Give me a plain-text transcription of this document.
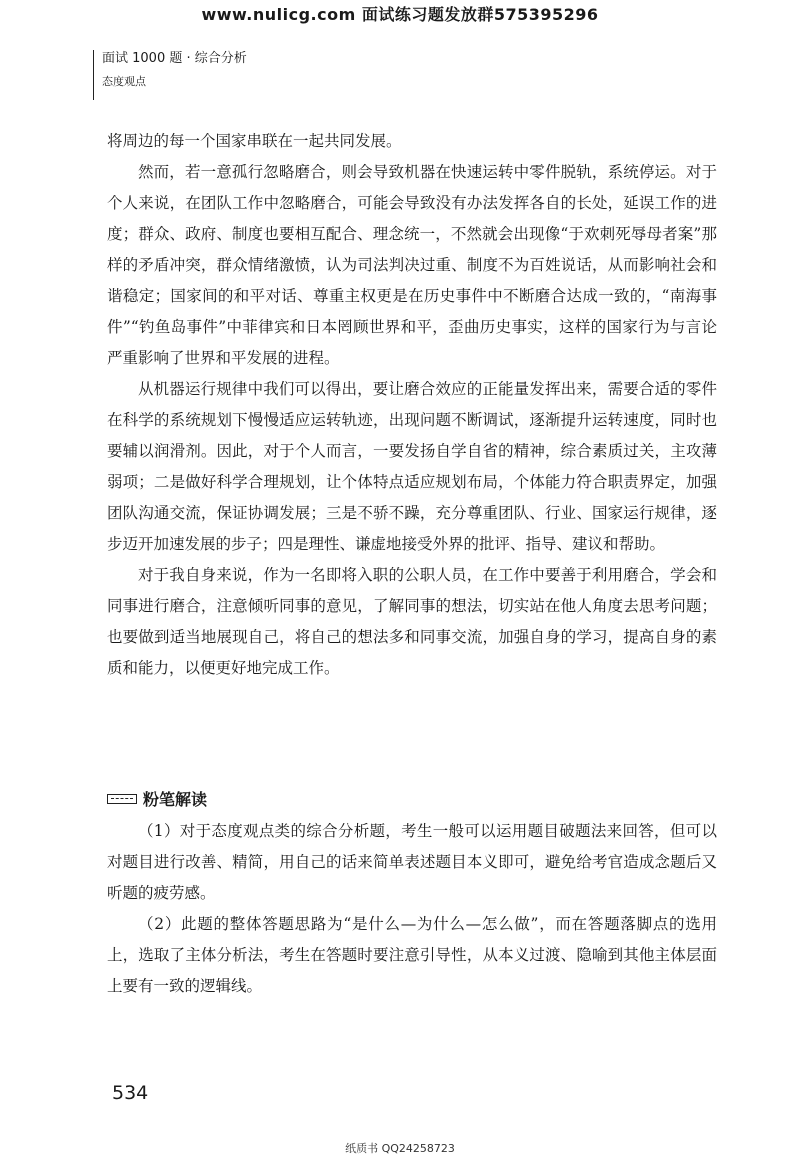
www.nulicg.com 面试练习题发放群575395296
面试 1000 题 · 综合分析
态度观点

将周边的每一个国家串联在一起共同发展。

然而，若一意孤行忽略磨合，则会导致机器在快速运转中零件脱轨，系统停运。对于个人来说，在团队工作中忽略磨合，可能会导致没有办法发挥各自的长处，延误工作的进度；群众、政府、制度也要相互配合、理念统一，不然就会出现像“于欢刺死辱母者案”那样的矛盾冲突，群众情绪激愤，认为司法判决过重、制度不为百姓说话，从而影响社会和谐稳定；国家间的和平对话、尊重主权更是在历史事件中不断磨合达成一致的，“南海事件”“钓鱼岛事件”中菲律宾和日本罔顾世界和平，歪曲历史事实，这样的国家行为与言论严重影响了世界和平发展的进程。

从机器运行规律中我们可以得出，要让磨合效应的正能量发挥出来，需要合适的零件在科学的系统规划下慢慢适应运转轨迹，出现问题不断调试，逐渐提升运转速度，同时也要辅以润滑剂。因此，对于个人而言，一要发扬自学自省的精神，综合素质过关，主攻薄弱项；二是做好科学合理规划，让个体特点适应规划布局，个体能力符合职责界定，加强团队沟通交流，保证协调发展；三是不骄不躁，充分尊重团队、行业、国家运行规律，逐步迈开加速发展的步子；四是理性、谦虚地接受外界的批评、指导、建议和帮助。

对于我自身来说，作为一名即将入职的公职人员，在工作中要善于利用磨合，学会和同事进行磨合，注意倾听同事的意见，了解同事的想法，切实站在他人角度去思考问题；也要做到适当地展现自己，将自己的想法多和同事交流，加强自身的学习，提高自身的素质和能力，以便更好地完成工作。

粉笔解读

（1）对于态度观点类的综合分析题，考生一般可以运用题目破题法来回答，但可以对题目进行改善、精简，用自己的话来简单表述题目本义即可，避免给考官造成念题后又听题的疲劳感。

（2）此题的整体答题思路为“是什么—为什么—怎么做”，而在答题落脚点的选用上，选取了主体分析法，考生在答题时要注意引导性，从本义过渡、隐喻到其他主体层面上要有一致的逻辑线。

534
纸质书 QQ24258723
